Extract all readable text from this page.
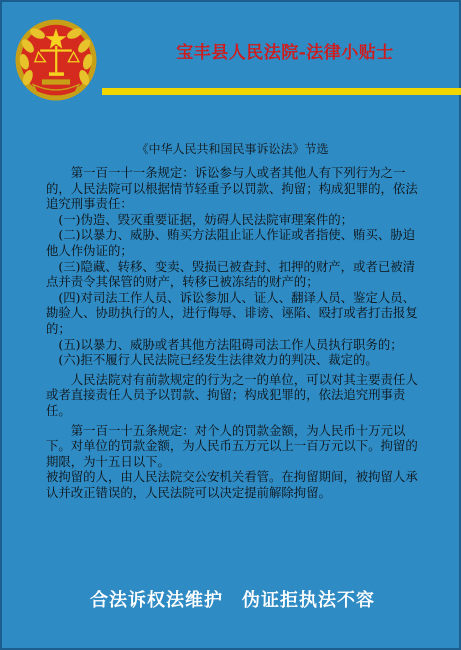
宝丰县人民法院-法律小贴士
《中华人民共和国民事诉讼法》节选

第一百一十一条规定：诉讼参与人或者其他人有下列行为之一的，人民法院可以根据情节轻重予以罚款、拘留；构成犯罪的，依法追究刑事责任：

(一)伪造、毁灭重要证据，妨碍人民法院审理案件的；

(二)以暴力、威胁、贿买方法阻止证人作证或者指使、贿买、胁迫他人作伪证的；

(三)隐藏、转移、变卖、毁损已被查封、扣押的财产，或者已被清点并责令其保管的财产，转移已被冻结的财产的；

(四)对司法工作人员、诉讼参加人、证人、翻译人员、鉴定人员、勘验人、协助执行的人，进行侮辱、诽谤、诬陷、殴打或者打击报复的；

(五)以暴力、威胁或者其他方法阻碍司法工作人员执行职务的；

(六)拒不履行人民法院已经发生法律效力的判决、裁定的。

人民法院对有前款规定的行为之一的单位，可以对其主要责任人或者直接责任人员予以罚款、拘留；构成犯罪的，依法追究刑事责任。

第一百一十五条规定：对个人的罚款金额，为人民币十万元以下。对单位的罚款金额，为人民币五万元以上一百万元以下。拘留的期限，为十五日以下。

被拘留的人，由人民法院交公安机关看管。在拘留期间，被拘留人承认并改正错误的，人民法院可以决定提前解除拘留。

合法诉权法维护　伪证拒执法不容
